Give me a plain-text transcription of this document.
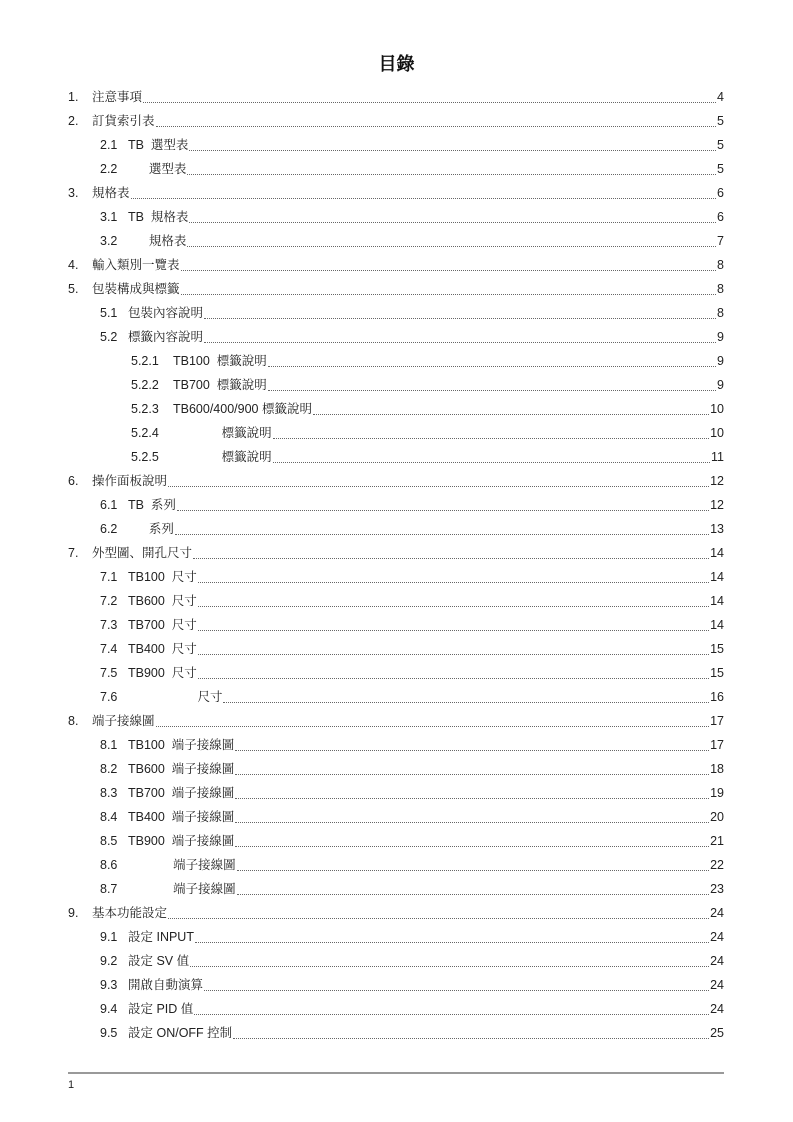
目錄
1.	注意事項	4
2.	訂貨索引表	5
2.1 TB  選型表	5
2.2 選型表	5
3.	規格表	6
3.1 TB  規格表	6
3.2 規格表	7
4.	輸入類別一覽表	8
5.	包裝構成與標籤	8
5.1 包裝內容說明	8
5.2 標籤內容說明	9
5.2.1	TB100  標籤說明	9
5.2.2	TB700  標籤說明	9
5.2.3	TB600/400/900 標籤說明	10
5.2.4	標籤說明	10
5.2.5	標籤說明	11
6.	操作面板說明	12
6.1 TB  系列	12
6.2 系列	13
7.	外型圖、開孔尺寸	14
7.1 TB100  尺寸	14
7.2 TB600  尺寸	14
7.3 TB700  尺寸	14
7.4 TB400  尺寸	15
7.5 TB900  尺寸	15
7.6 尺寸	16
8.	端子接線圖	17
8.1 TB100  端子接線圖	17
8.2 TB600  端子接線圖	18
8.3 TB700  端子接線圖	19
8.4 TB400  端子接線圖	20
8.5 TB900  端子接線圖	21
8.6 端子接線圖	22
8.7 端子接線圖	23
9.	基本功能設定	24
9.1 設定 INPUT	24
9.2 設定 SV 值	24
9.3 開啟自動演算	24
9.4 設定 PID 值	24
9.5 設定 ON/OFF 控制	25
1
